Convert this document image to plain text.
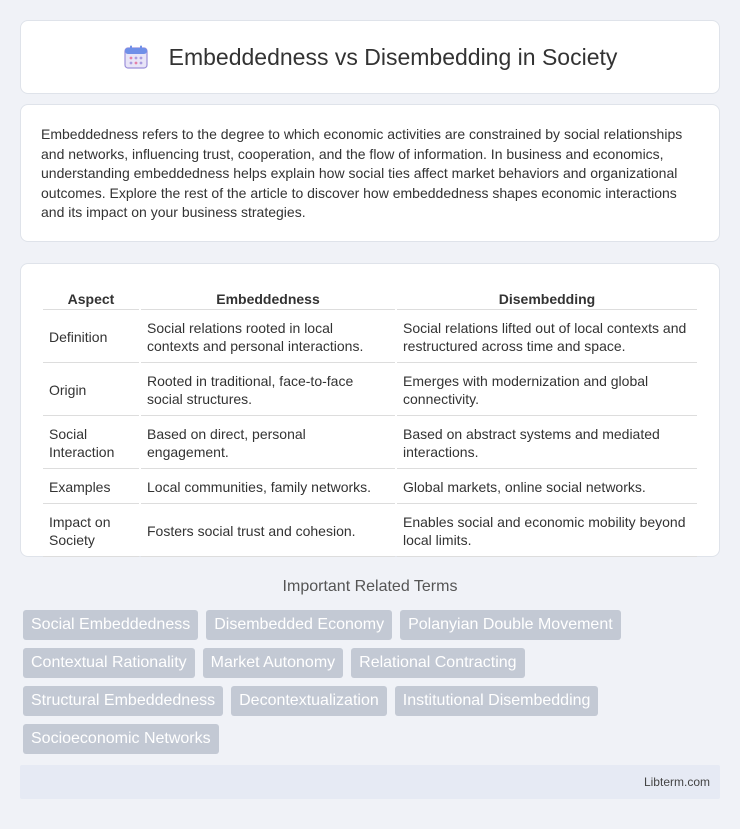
Embeddedness vs Disembedding in Society

Embeddedness refers to the degree to which economic activities are constrained by social relationships and networks, influencing trust, cooperation, and the flow of information. In business and economics, understanding embeddedness helps explain how social ties affect market behaviors and organizational outcomes. Explore the rest of the article to discover how embeddedness shapes economic interactions and its impact on your business strategies.

Aspect	Embeddedness	Disembedding
Definition	Social relations rooted in local contexts and personal interactions.	Social relations lifted out of local contexts and restructured across time and space.
Origin	Rooted in traditional, face-to-face social structures.	Emerges with modernization and global connectivity.
Social Interaction	Based on direct, personal engagement.	Based on abstract systems and mediated interactions.
Examples	Local communities, family networks.	Global markets, online social networks.
Impact on Society	Fosters social trust and cohesion.	Enables social and economic mobility beyond local limits.
Important Related Terms
Social Embeddedness	Disembedded Economy	Polanyian Double Movement
Contextual Rationality	Market Autonomy	Relational Contracting
Structural Embeddedness	Decontextualization	Institutional Disembedding
Socioeconomic Networks
Libterm.com
